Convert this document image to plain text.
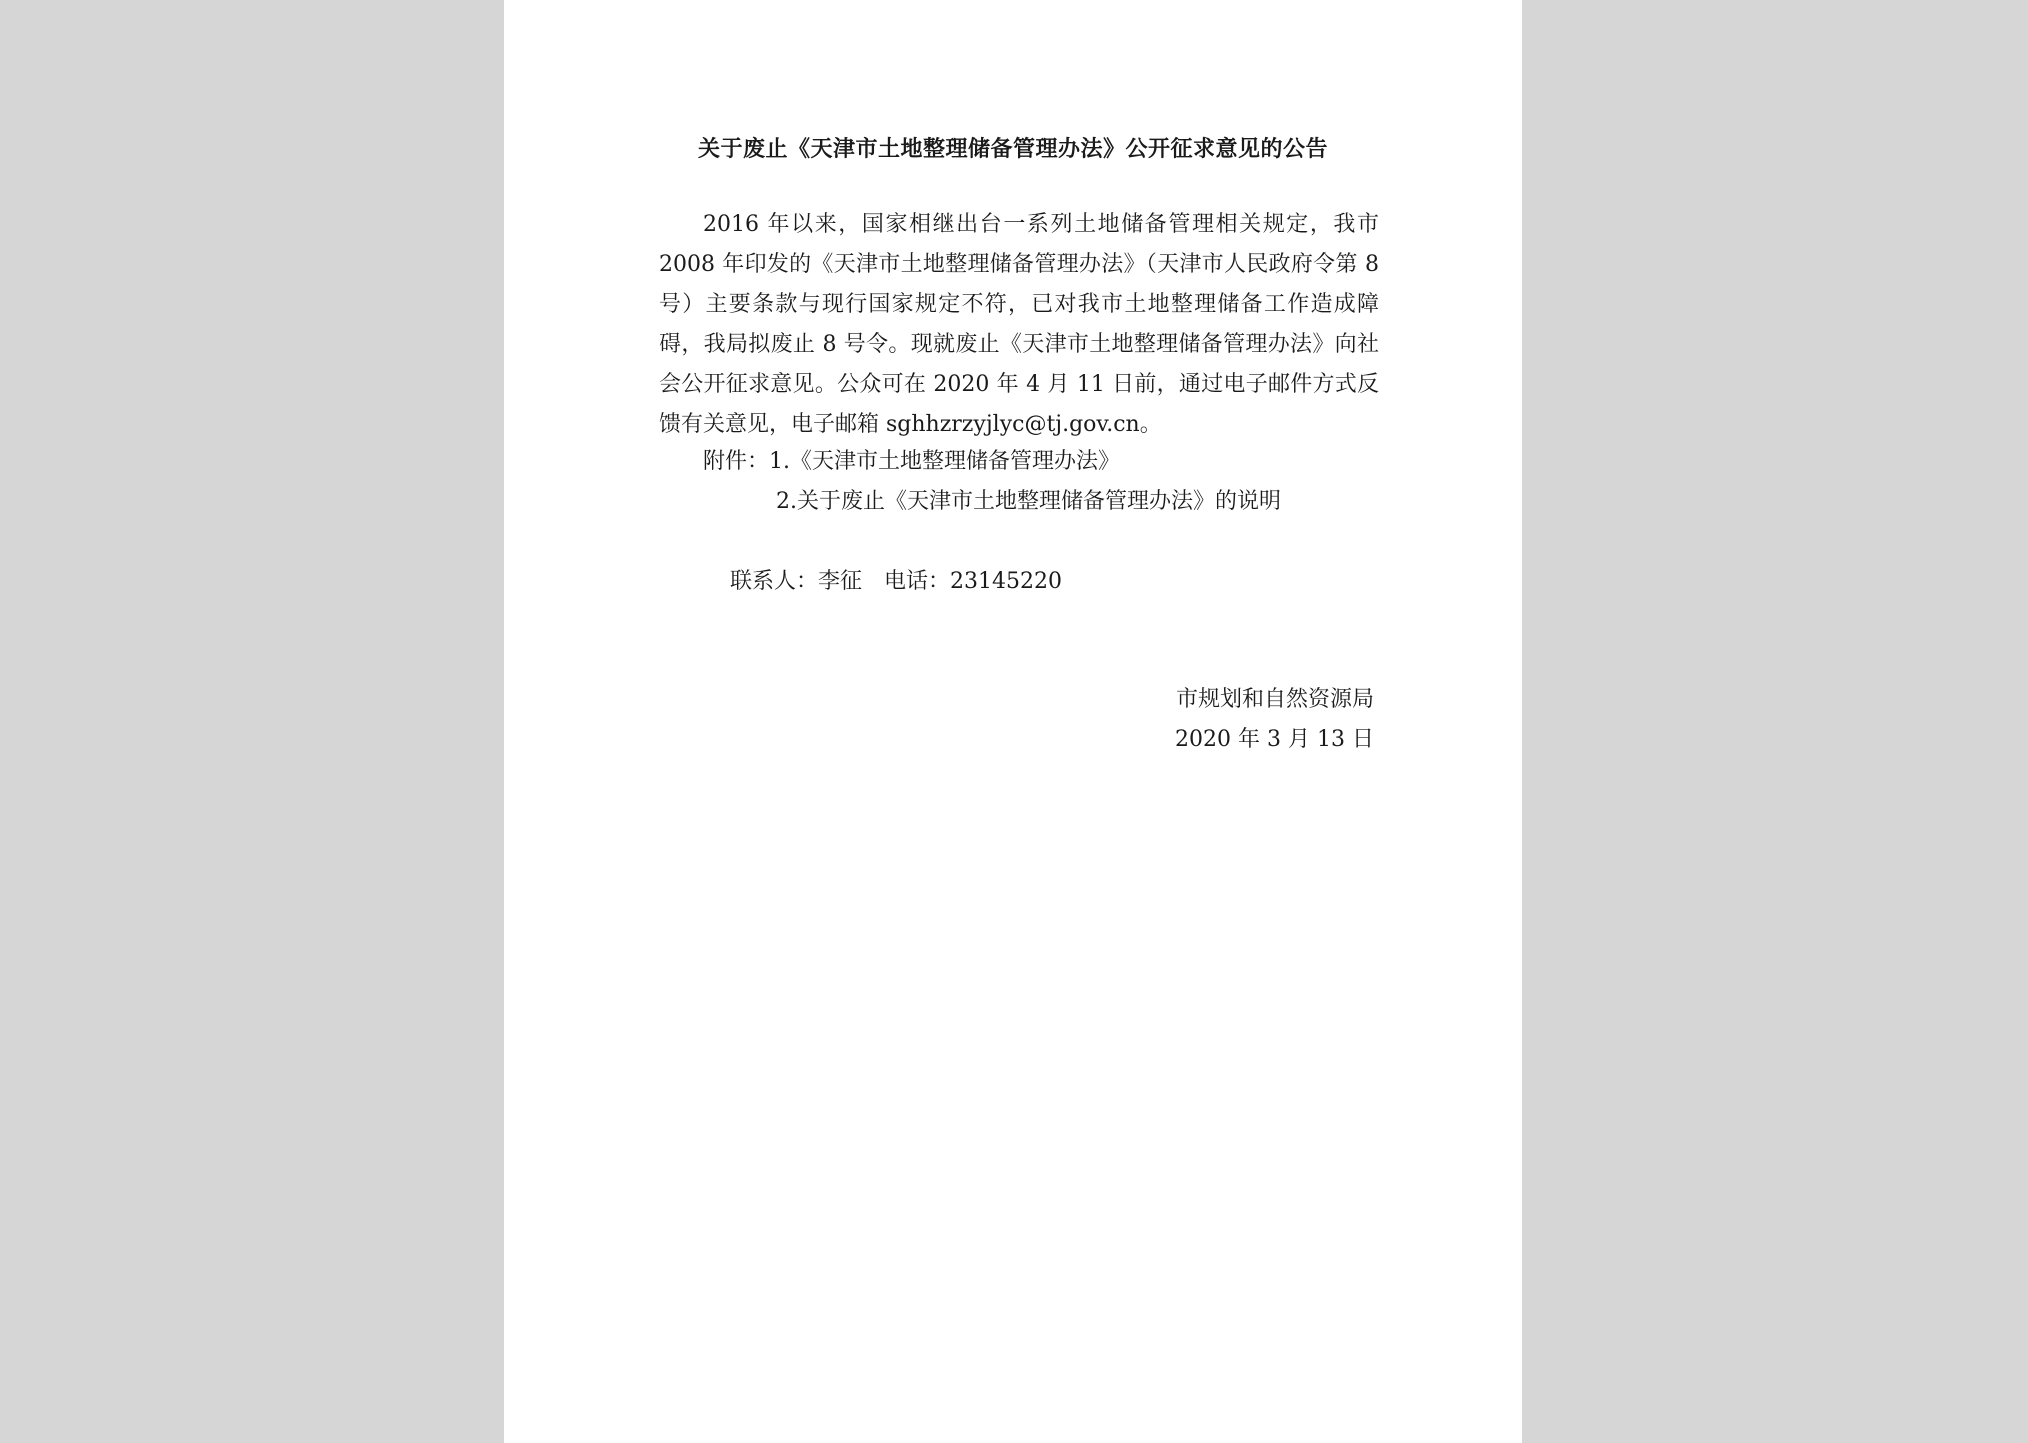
关于废止《天津市土地整理储备管理办法》公开征求意见的公告

2016 年以来，国家相继出台一系列土地储备管理相关规定，我市 2008 年印发的《天津市土地整理储备管理办法》（天津市人民政府令第 8 号）主要条款与现行国家规定不符，已对我市土地整理储备工作造成障碍，我局拟废止 8 号令。现就废止《天津市土地整理储备管理办法》向社会公开征求意见。公众可在 2020 年 4 月 11 日前，通过电子邮件方式反馈有关意见，电子邮箱 sghhzrzyjlyc@tj.gov.cn。

附件：1.《天津市土地整理储备管理办法》
2.关于废止《天津市土地整理储备管理办法》的说明
联系人：李征 电话：23145220
市规划和自然资源局
2020 年 3 月 13 日
